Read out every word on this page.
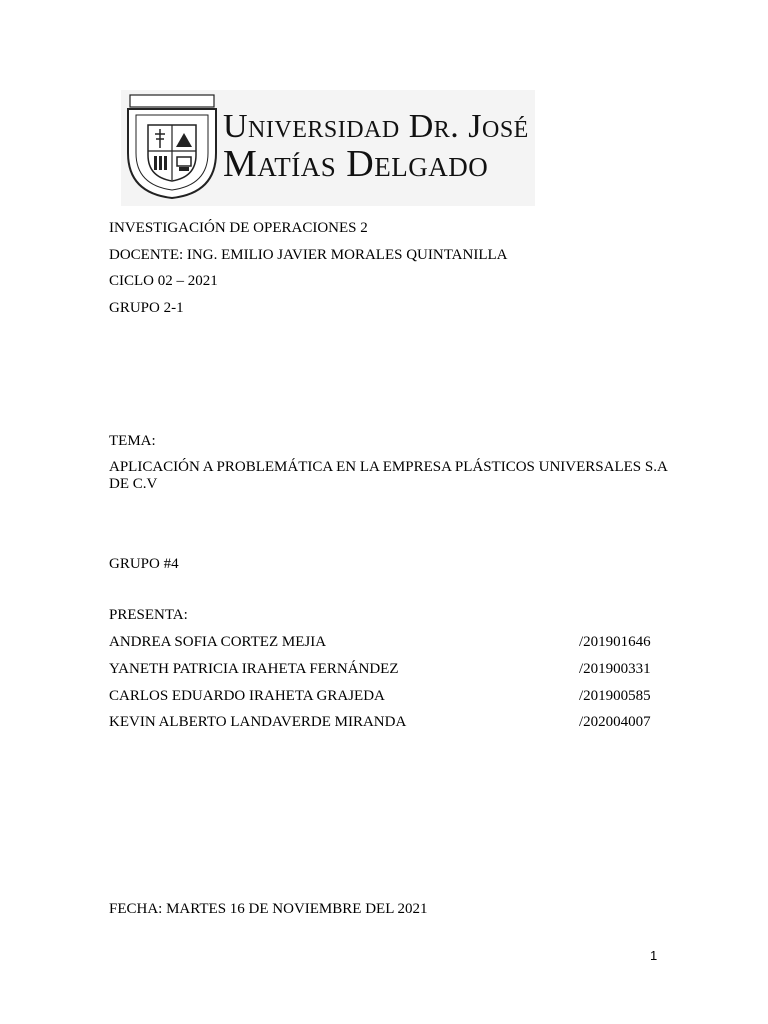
Universidad Dr. José
Matías Delgado
INVESTIGACIÓN DE OPERACIONES 2
DOCENTE: ING. EMILIO JAVIER MORALES QUINTANILLA
CICLO 02 – 2021
GRUPO 2-1
TEMA:
APLICACIÓN A PROBLEMÁTICA EN LA EMPRESA PLÁSTICOS UNIVERSALES S.A DE C.V
GRUPO #4
PRESENTA:
ANDREA SOFIA CORTEZ MEJIA	/201901646
YANETH PATRICIA IRAHETA FERNÁNDEZ	/201900331
CARLOS EDUARDO IRAHETA GRAJEDA	/201900585
KEVIN ALBERTO LANDAVERDE MIRANDA	/202004007
FECHA: MARTES 16 DE NOVIEMBRE DEL 2021
1
